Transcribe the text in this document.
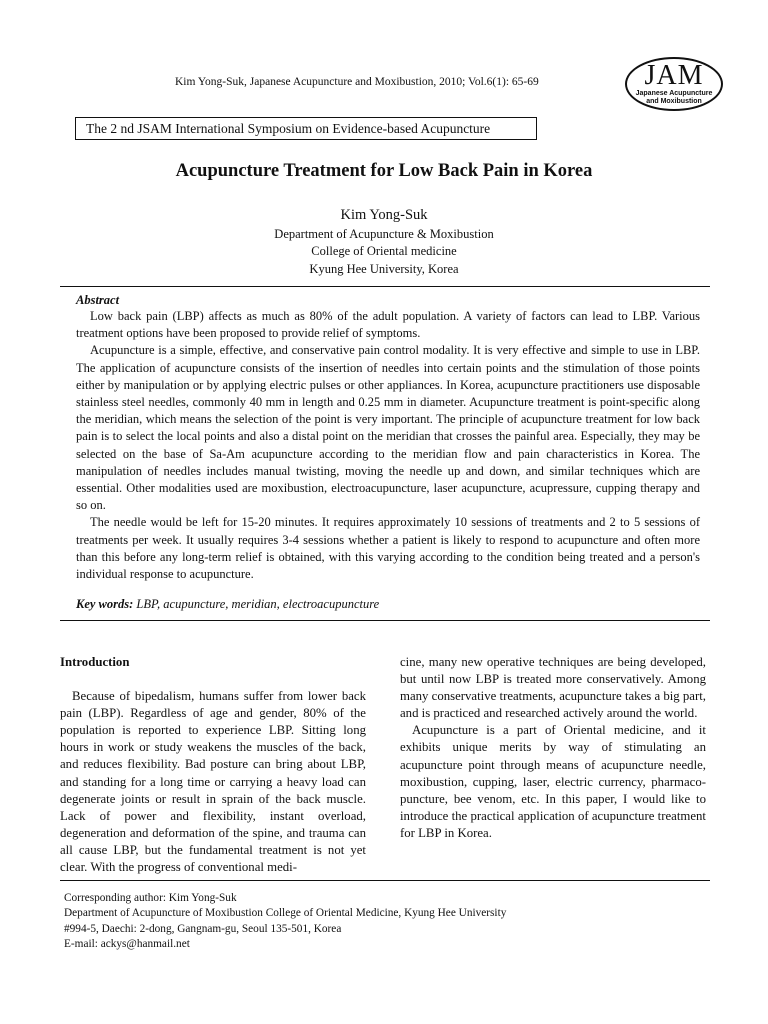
Kim Yong-Suk, Japanese Acupuncture and Moxibustion, 2010; Vol.6(1): 65-69	JAM
Japanese Acupuncture
and Moxibustion
The 2 nd JSAM International Symposium on Evidence-based Acupuncture
Acupuncture Treatment for Low Back Pain in Korea
Kim Yong-Suk
Department of Acupuncture & Moxibustion
College of Oriental medicine
Kyung Hee University, Korea
Abstract

Low back pain (LBP) affects as much as 80% of the adult population. A variety of factors can lead to LBP. Various treatment options have been proposed to provide relief of symptoms.

Acupuncture is a simple, effective, and conservative pain control modality. It is very effective and simple to use in LBP. The application of acupuncture consists of the insertion of needles into certain points and the stimulation of those points either by manipulation or by applying electric pulses or other appliances. In Korea, acupuncture practitioners use disposable stainless steel needles, commonly 40 mm in length and 0.25 mm in diameter. Acupuncture treatment is point-specific along the meridian, which means the selection of the point is very important. The principle of acupuncture treatment for low back pain is to select the local points and also a distal point on the meridian that crosses the painful area. Especially, they may be selected on the base of Sa-Am acupuncture according to the meridian flow and pain characteristics in Korea. The manipulation of needles includes manual twisting, moving the needle up and down, and similar techniques which are essential. Other modalities used are moxibustion, electroacupuncture, laser acupuncture, acupressure, cupping therapy and so on.

The needle would be left for 15-20 minutes. It requires approximately 10 sessions of treatments and 2 to 5 sessions of treatments per week. It usually requires 3-4 sessions whether a patient is likely to respond to acupuncture and often more than this before any long-term relief is obtained, with this varying according to the condition being treated and a person's individual response to acupuncture.

Key words: LBP, acupuncture, meridian, electroacupuncture
Introduction

Because of bipedalism, humans suffer from lower back pain (LBP). Regardless of age and gender, 80% of the population is reported to experience LBP. Sitting long hours in work or study weakens the muscles of the back, and reduces flexibility. Bad posture can bring about LBP, and standing for a long time or carrying a heavy load can degenerate joints or result in sprain of the back muscle. Lack of power and flexibility, instant overload, degeneration and deformation of the spine, and trauma can all cause LBP, but the fundamental treatment is not yet clear. With the progress of conventional medi-

cine, many new operative techniques are being developed, but until now LBP is treated more conservatively. Among many conservative treatments, acupuncture takes a big part, and is practiced and researched actively around the world.

Acupuncture is a part of Oriental medicine, and it exhibits unique merits by way of stimulating an acupuncture point through means of acupuncture needle, moxibustion, cupping, laser, electric currency, pharmaco-puncture, bee venom, etc. In this paper, I would like to introduce the practical application of acupuncture treatment for LBP in Korea.

Corresponding author: Kim Yong-Suk
Department of Acupuncture of Moxibustion College of Oriental Medicine, Kyung Hee University
#994-5, Daechi: 2-dong, Gangnam-gu, Seoul 135-501, Korea
E-mail: ackys@hanmail.net
